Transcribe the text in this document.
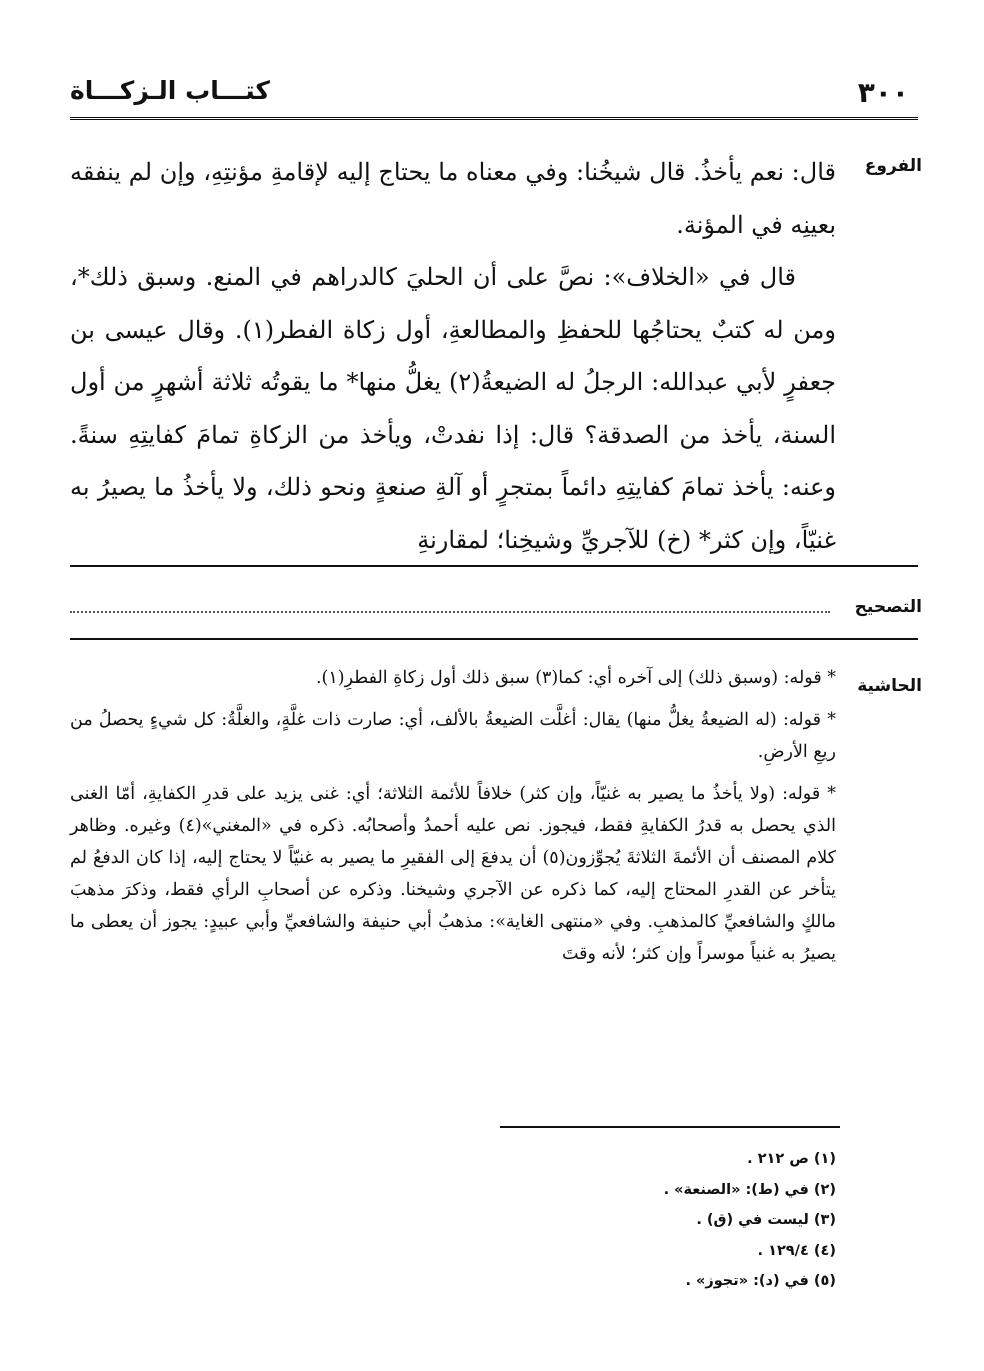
٣٠٠
كتـــاب الـزكـــاة
الفروع

قال: نعم يأخذُ. قال شيخُنا: وفي معناه ما يحتاج إليه لإقامةِ مؤنتِهِ، وإن لم ينفقه بعينِه في المؤنة.

قال في «الخلاف»: نصَّ على أن الحليَ كالدراهم في المنع. وسبق ذلك*، ومن له كتبٌ يحتاجُها للحفظِ والمطالعةِ، أول زكاة الفطر(١). وقال عيسى بن جعفرٍ لأبي عبدالله: الرجلُ له الضيعةُ(٢) يغلُّ منها* ما يقوتُه ثلاثة أشهرٍ من أول السنة، يأخذ من الصدقة؟ قال: إذا نفدتْ، ويأخذ من الزكاةِ تمامَ كفايتِهِ سنةً. وعنه: يأخذ تمامَ كفايتِهِ دائماً بمتجرٍ أو آلةِ صنعةٍ ونحو ذلك، ولا يأخذُ ما يصيرُ به غنيّاً، وإن كثر* (خ) للآجريِّ وشيخِنا؛ لمقارنةِ

التصحيح
الحاشية

* قوله: (وسبق ذلك) إلى آخره أي: كما(٣) سبق ذلك أول زكاةِ الفطرِ(١).

* قوله: (له الضيعةُ يغلُّ منها) يقال: أغلَّت الضيعةُ بالألف، أي: صارت ذات غلَّةٍ، والغلَّةُ: كل شيءٍ يحصلُ من ريعِ الأرضِ.

* قوله: (ولا يأخذُ ما يصير به غنيّاً، وإن كثر) خلافاً للأئمة الثلاثة؛ أي: غنى يزيد على قدرِ الكفايةِ، أمّا الغنى الذي يحصل به قدرُ الكفايةِ فقط، فيجوز. نص عليه أحمدُ وأصحابُه. ذكره في «المغني»(٤) وغيره. وظاهر كلام المصنف أن الأئمةَ الثلاثةَ يُجوِّزون(٥) أن يدفعَ إلى الفقيرِ ما يصير به غنيّاً لا يحتاج إليه، إذا كان الدفعُ لم يتأخر عن القدرِ المحتاج إليه، كما ذكره عن الآجري وشيخنا. وذكره عن أصحابِ الرأي فقط، وذكرَ مذهبَ مالكٍ والشافعيِّ كالمذهبِ. وفي «منتهى الغاية»: مذهبُ أبي حنيفة والشافعيِّ وأبي عبيدٍ: يجوز أن يعطى ما يصيرُ به غنياً موسراً وإن كثر؛ لأنه وقتَ

(١) ص ٢١٢ .
(٢) في (ط): «الصنعة» .
(٣) ليست في (ق) .
(٤) ١٢٩/٤ .
(٥) في (د): «تجوز» .
